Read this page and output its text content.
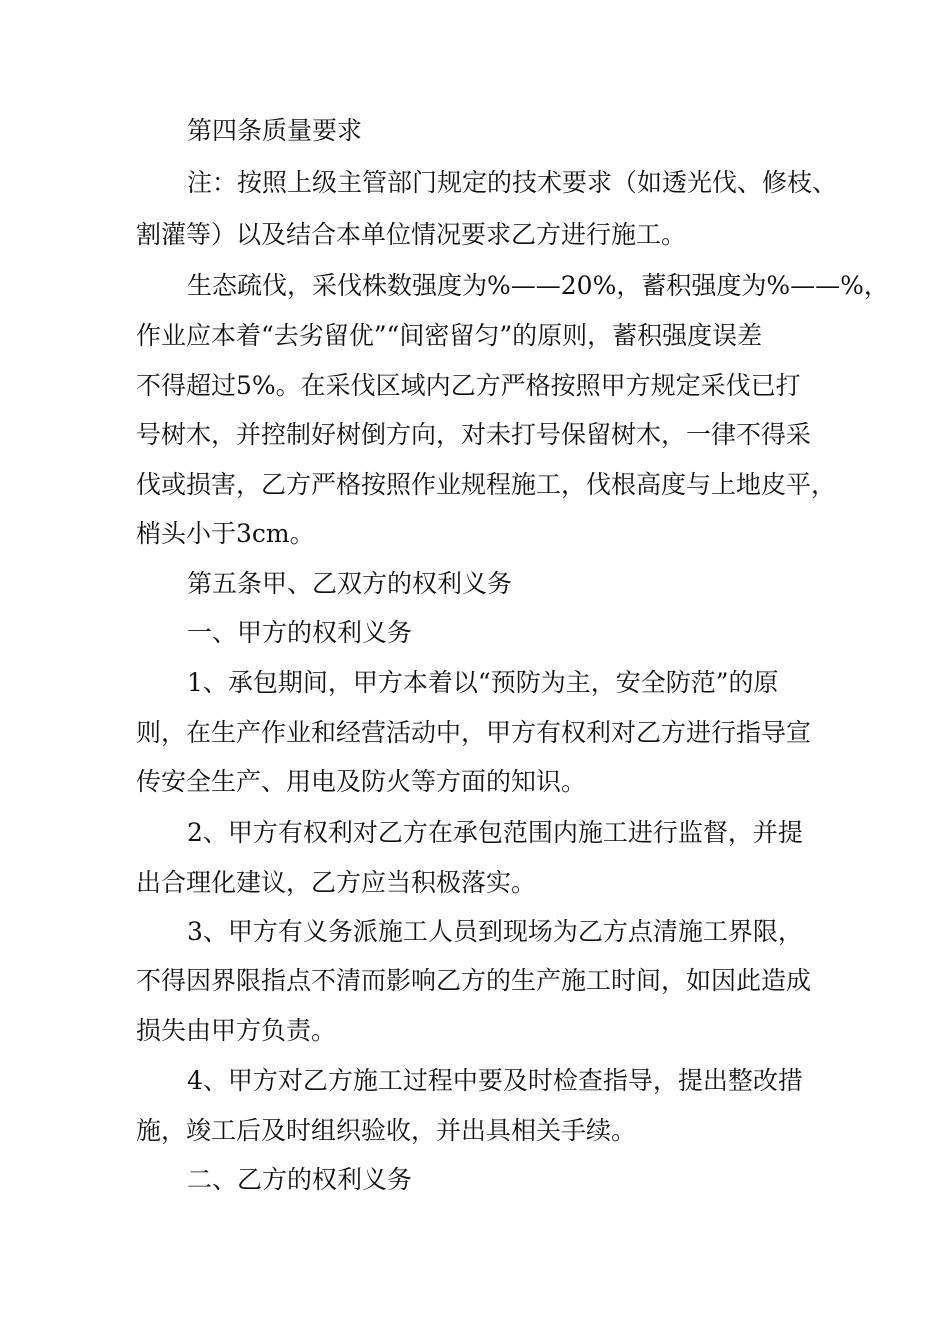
第四条质量要求

注：按照上级主管部门规定的技术要求（如透光伐、修枝、

割灌等）以及结合本单位情况要求乙方进行施工。

生态疏伐，采伐株数强度为%——20%，蓄积强度为%——%，

作业应本着“去劣留优”“间密留匀”的原则，蓄积强度误差

不得超过5%。在采伐区域内乙方严格按照甲方规定采伐已打

号树木，并控制好树倒方向，对未打号保留树木，一律不得采

伐或损害，乙方严格按照作业规程施工，伐根高度与上地皮平，

梢头小于3cm。

第五条甲、乙双方的权利义务

一、甲方的权利义务

1、承包期间，甲方本着以“预防为主，安全防范”的原

则，在生产作业和经营活动中，甲方有权利对乙方进行指导宣

传安全生产、用电及防火等方面的知识。

2、甲方有权利对乙方在承包范围内施工进行监督，并提

出合理化建议，乙方应当积极落实。

3、甲方有义务派施工人员到现场为乙方点清施工界限，

不得因界限指点不清而影响乙方的生产施工时间，如因此造成

损失由甲方负责。

4、甲方对乙方施工过程中要及时检查指导，提出整改措

施，竣工后及时组织验收，并出具相关手续。

二、乙方的权利义务
